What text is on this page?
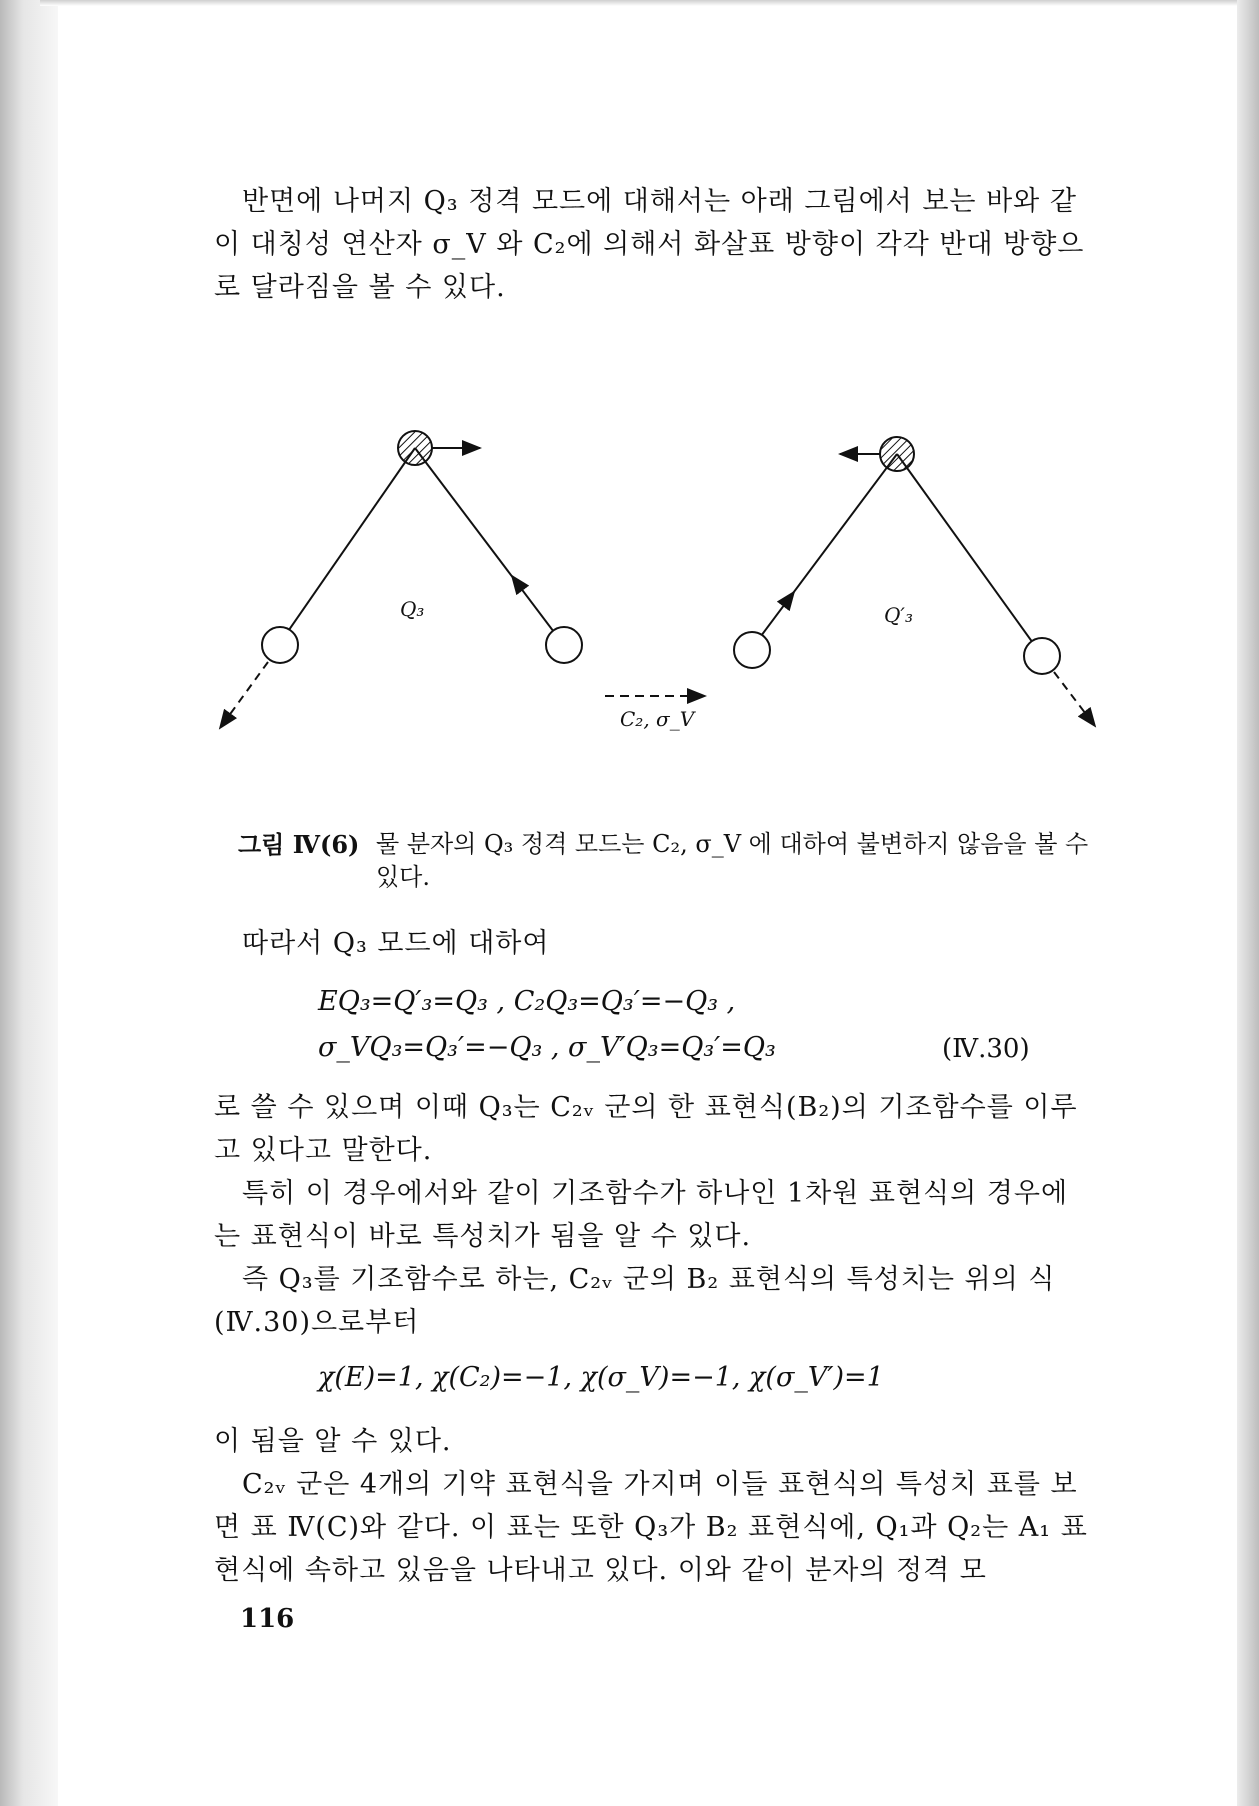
반면에 나머지 Q₃ 정격 모드에 대해서는 아래 그림에서 보는 바와 같

이 대칭성 연산자 σ_V 와 C₂에 의해서 화살표 방향이 각각 반대 방향으

로 달라짐을 볼 수 있다.

Q₃
C₂, σ_V
Q′₃
그림 Ⅳ(6) 물 분자의 Q₃ 정격 모드는 C₂, σ_V 에 대하여 불변하지 않음을 볼 수 있다.

따라서 Q₃ 모드에 대하여

EQ₃=Q′₃=Q₃ , C₂Q₃=Q₃′=−Q₃ ,
σ_VQ₃=Q₃′=−Q₃ , σ_V′Q₃=Q₃′=Q₃	(Ⅳ.30)

로 쓸 수 있으며 이때 Q₃는 C₂ᵥ 군의 한 표현식(B₂)의 기조함수를 이루고 있다고 말한다.

특히 이 경우에서와 같이 기조함수가 하나인 1차원 표현식의 경우에는 표현식이 바로 특성치가 됨을 알 수 있다.

즉 Q₃를 기조함수로 하는, C₂ᵥ 군의 B₂ 표현식의 특성치는 위의 식 (Ⅳ.30)으로부터

χ(E)=1, χ(C₂)=−1, χ(σ_V)=−1, χ(σ_V′)=1

이 됨을 알 수 있다.

C₂ᵥ 군은 4개의 기약 표현식을 가지며 이들 표현식의 특성치 표를 보면 표 Ⅳ(C)와 같다. 이 표는 또한 Q₃가 B₂ 표현식에, Q₁과 Q₂는 A₁ 표현식에 속하고 있음을 나타내고 있다. 이와 같이 분자의 정격 모

116
